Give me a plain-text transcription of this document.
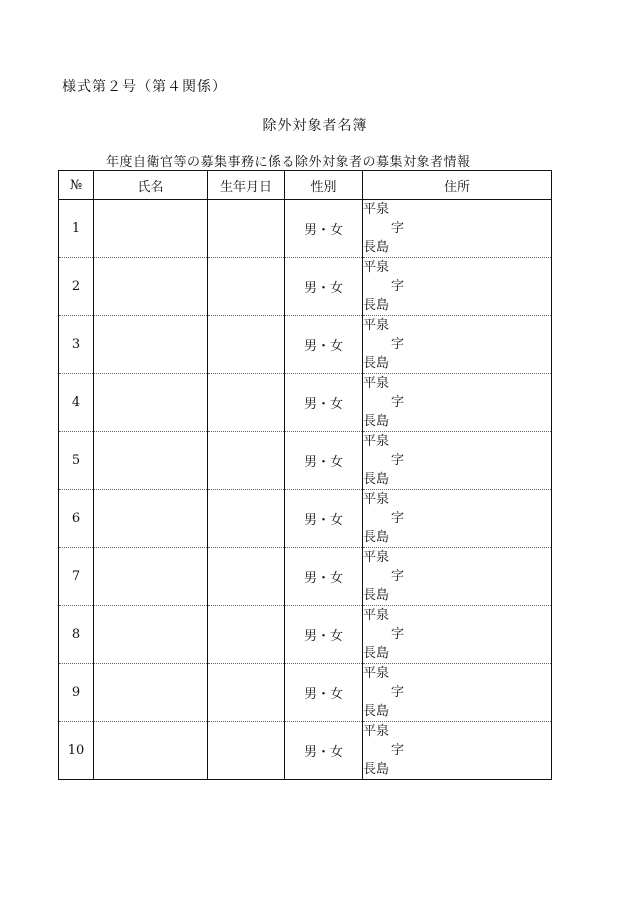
様式第２号（第４関係）
除外対象者名簿
年度自衛官等の募集事務に係る除外対象者の募集対象者情報
№	氏名	生年月日	性別	住所
1			男・女	平泉
字
長島

2			男・女	平泉
字
長島

3			男・女	平泉
字
長島

4			男・女	平泉
字
長島

5			男・女	平泉
字
長島

6			男・女	平泉
字
長島

7			男・女	平泉
字
長島

8			男・女	平泉
字
長島

9			男・女	平泉
字
長島

10			男・女	平泉
字
長島
